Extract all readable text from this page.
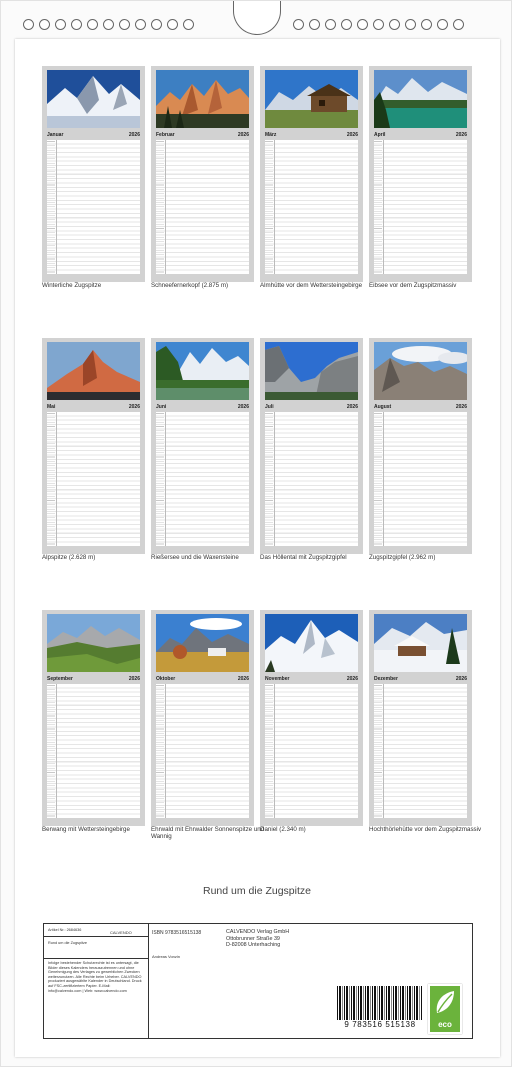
Januar	2026
Winterliche Zugspitze
Februar	2026
Schneefernerkopf (2.875 m)
März	2026
Almhütte vor dem Wettersteingebirge
April	2026
Eibsee vor dem Zugspitzmassiv
Mai	2026
Alpspitze (2.628 m)
Juni	2026
Rießersee und die Waxensteine
Juli	2026
Das Höllental mit Zugspitzgipfel
August	2026
Zugspitzgipfel (2.962 m)
September	2026
Berwang mit Wettersteingebirge
Oktober	2026
Ehrwald mit Ehrwalder Sonnenspitze und Wannig
November	2026
Daniel (2.340 m)
Dezember	2026
Hochthörlehütte vor dem Zugspitzmassiv
Rund um die Zugspitze
Artikel Nr.: 2684636	CALVENDO
Rund um die Zugspitze
Infolge bestehender Schutzrechte ist es untersagt, die Bilder dieses Kalenders herauszutrennen und ohne Genehmigung des Verlages zu gewerblichen Zwecken weiterzunutzen. Alle Rechte beim Urheber. CALVENDO produziert ausgewählte Kalender in Deutschland. Druck auf FSC-zertifiziertem Papier. E-Mail: info@calvendo.com | Web: www.calvendo.com
ISBN 9783516515138	CALVENDO Verlag GmbH
Ottobrunner Straße 39
D-82008 Unterhaching
Andreas Vonzin
9 783516 515138	eco
